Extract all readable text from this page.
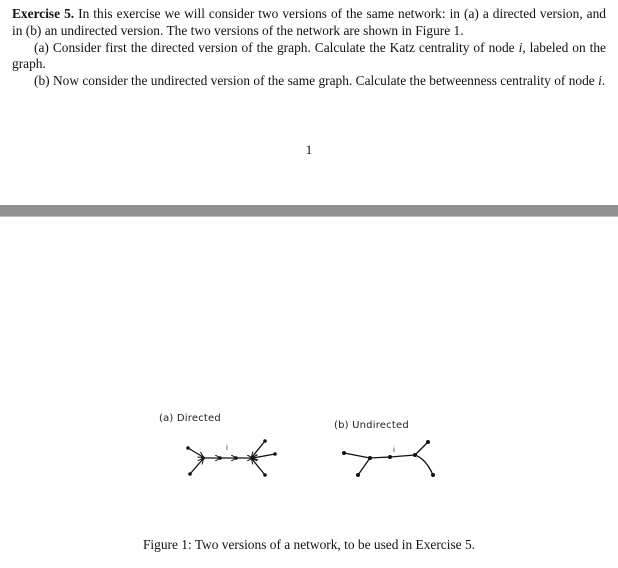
Exercise 5. In this exercise we will consider two versions of the same network: in (a) a directed version, and in (b) an undirected version. The two versions of the network are shown in Figure 1.

(a) Consider first the directed version of the graph. Calculate the Katz centrality of node i, labeled on the graph.

(b) Now consider the undirected version of the same graph. Calculate the betweenness centrality of node i.

1
(a) Directed
(b) Undirected
i	i
Figure 1: Two versions of a network, to be used in Exercise 5.
